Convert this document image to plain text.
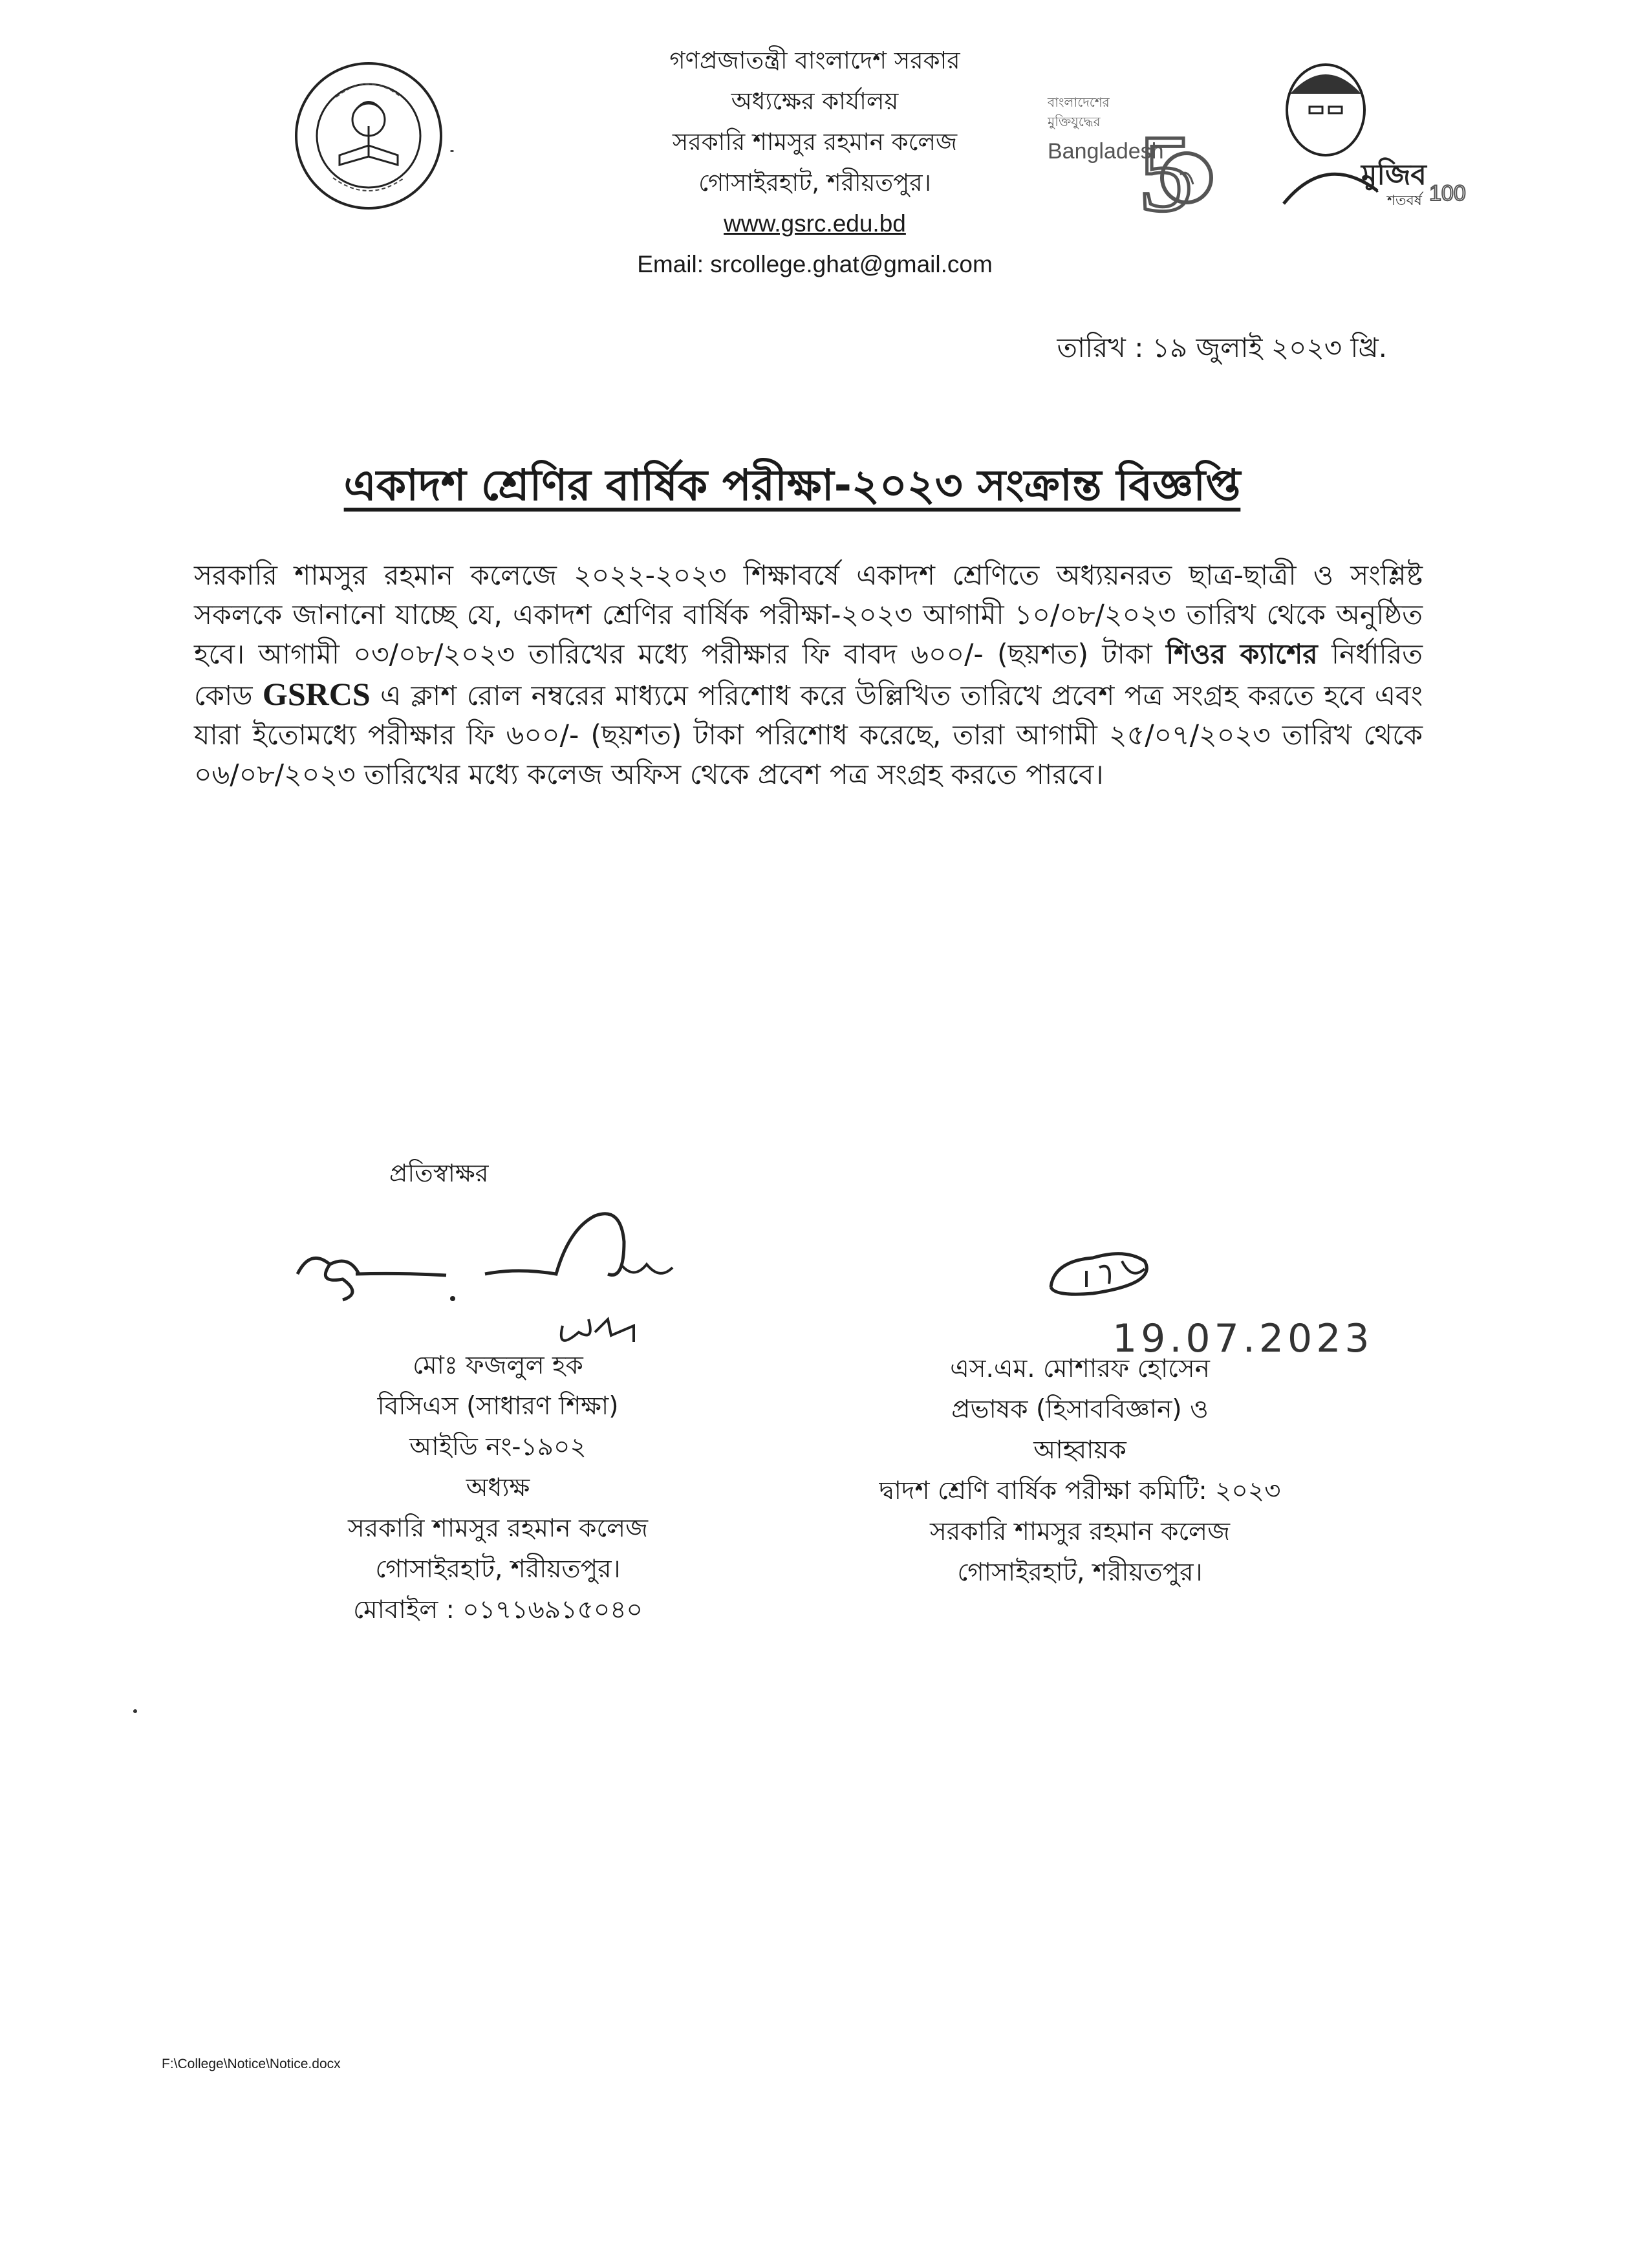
গণপ্রজাতন্ত্রী বাংলাদেশ সরকার
অধ্যক্ষের কার্যালয়
সরকারি শামসুর রহমান কলেজ
গোসাইরহাট, শরীয়তপুর।
www.gsrc.edu.bd
Email: srcollege.ghat@gmail.com
বাংলাদেশের
মুক্তিযুদ্ধের
Bangladesh
5	মুজিব
শতবর্ষ 100
তারিখ : ১৯ জুলাই ২০২৩ খ্রি.
একাদশ শ্রেণির বার্ষিক পরীক্ষা-২০২৩ সংক্রান্ত বিজ্ঞপ্তি
সরকারি শামসুর রহমান কলেজে ২০২২-২০২৩ শিক্ষাবর্ষে একাদশ শ্রেণিতে অধ্যয়নরত ছাত্র-ছাত্রী ও সংশ্লিষ্ট সকলকে জানানো যাচ্ছে যে, একাদশ শ্রেণির বার্ষিক পরীক্ষা-২০২৩ আগামী ১০/০৮/২০২৩ তারিখ থেকে অনুষ্ঠিত হবে। আগামী ০৩/০৮/২০২৩ তারিখের মধ্যে পরীক্ষার ফি বাবদ ৬০০/- (ছয়শত) টাকা শিওর ক্যাশের নির্ধারিত কোড GSRCS এ ক্লাশ রোল নম্বরের মাধ্যমে পরিশোধ করে উল্লিখিত তারিখে প্রবেশ পত্র সংগ্রহ করতে হবে এবং যারা ইতোমধ্যে পরীক্ষার ফি ৬০০/- (ছয়শত) টাকা পরিশোধ করেছে, তারা আগামী ২৫/০৭/২০২৩ তারিখ থেকে ০৬/০৮/২০২৩ তারিখের মধ্যে কলেজ অফিস থেকে প্রবেশ পত্র সংগ্রহ করতে পারবে।
প্রতিস্বাক্ষর
19.07.2023
মোঃ ফজলুল হক
বিসিএস (সাধারণ শিক্ষা)
আইডি নং-১৯০২
অধ্যক্ষ
সরকারি শামসুর রহমান কলেজ
গোসাইরহাট, শরীয়তপুর।
মোবাইল : ০১৭১৬৯১৫০৪০
এস.এম. মোশারফ হোসেন
প্রভাষক (হিসাববিজ্ঞান) ও
আহ্বায়ক
দ্বাদশ শ্রেণি বার্ষিক পরীক্ষা কমিটি: ২০২৩
সরকারি শামসুর রহমান কলেজ
গোসাইরহাট, শরীয়তপুর।
F:\College\Notice\Notice.docx
